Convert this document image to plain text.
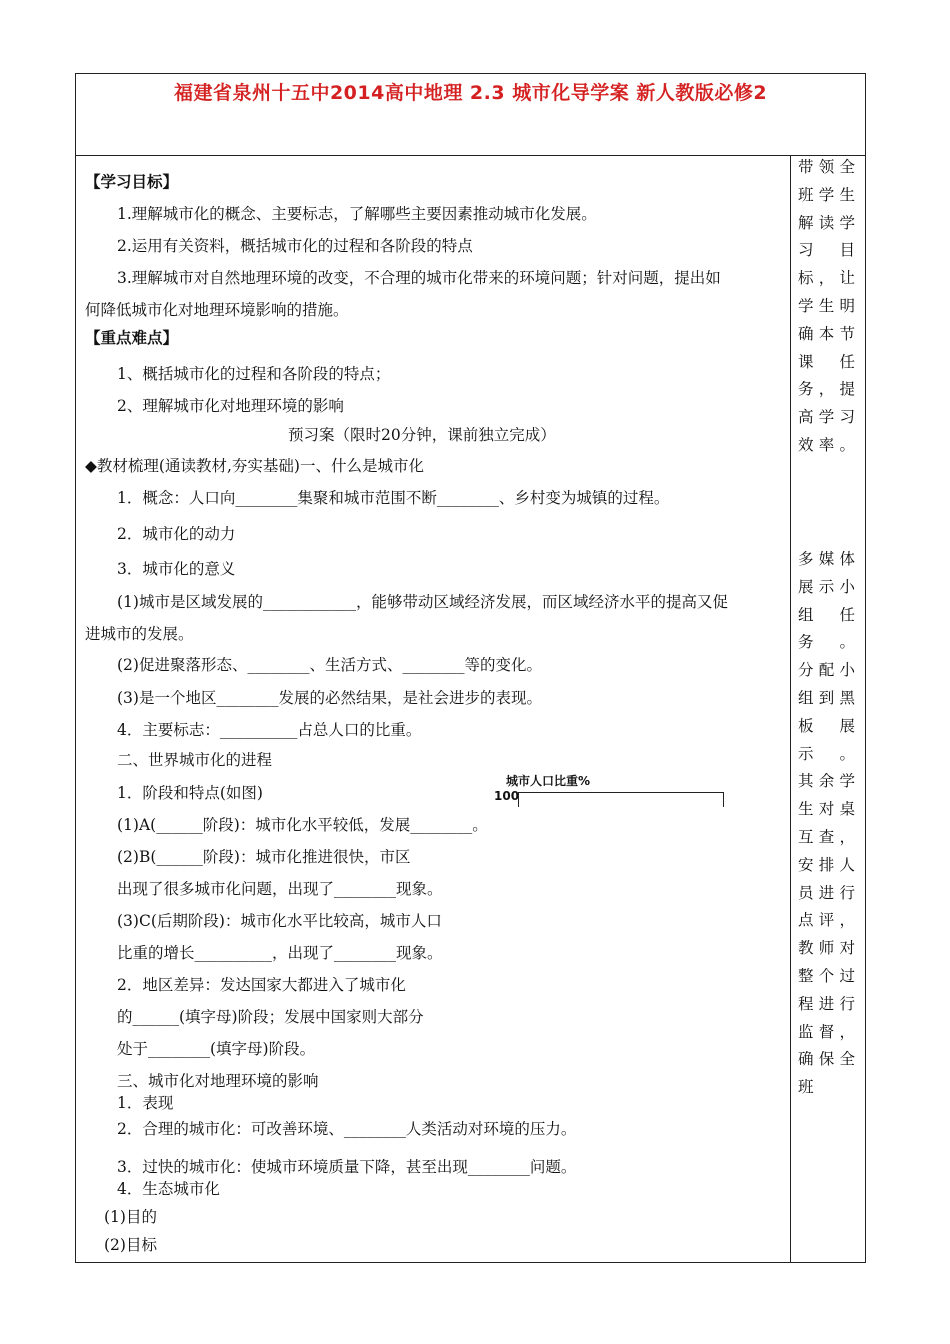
福建省泉州十五中2014高中地理 2.3 城市化导学案 新人教版必修2
【学习目标】
1.理解城市化的概念、主要标志，了解哪些主要因素推动城市化发展。
2.运用有关资料，概括城市化的过程和各阶段的特点
3.理解城市对自然地理环境的改变，不合理的城市化带来的环境问题；针对问题，提出如
何降低城市化对地理环境影响的措施。
【重点难点】
1、概括城市化的过程和各阶段的特点；
2、理解城市化对地理环境的影响
预习案（限时20分钟，课前独立完成）
◆教材梳理(通读教材,夯实基础)一、什么是城市化
1．概念：人口向________集聚和城市范围不断________、乡村变为城镇的过程。
2．城市化的动力
3．城市化的意义
(1)城市是区域发展的____________，能够带动区域经济发展，而区域经济水平的提高又促
进城市的发展。
(2)促进聚落形态、________、生活方式、________等的变化。
(3)是一个地区________发展的必然结果，是社会进步的表现。
4．主要标志：__________占总人口的比重。
二、世界城市化的进程
1．阶段和特点(如图)
(1)A(______阶段)：城市化水平较低，发展________。
(2)B(______阶段)：城市化推进很快，市区
出现了很多城市化问题，出现了________现象。
(3)C(后期阶段)：城市化水平比较高，城市人口
比重的增长__________，出现了________现象。
2．地区差异：发达国家大都进入了城市化
的______(填字母)阶段；发展中国家则大部分
处于________(填字母)阶段。
三、城市化对地理环境的影响
1．表现
2．合理的城市化：可改善环境、________人类活动对环境的压力。
3．过快的城市化：使城市环境质量下降，甚至出现________问题。
4．生态城市化
(1)目的
(2)目标
城市人口比重%
100
带领全
班学生
解读学
习 目
标，让
学生明
确本节
课 任
务，提
高学习
效率。
多媒体
展示小
组 任
务。
分配小
组到黑
板 展
示。
其余学
生对桌
互查，
安排人
员进行
点评，
教师对
整个过
程进行
监督，
确保全
班
